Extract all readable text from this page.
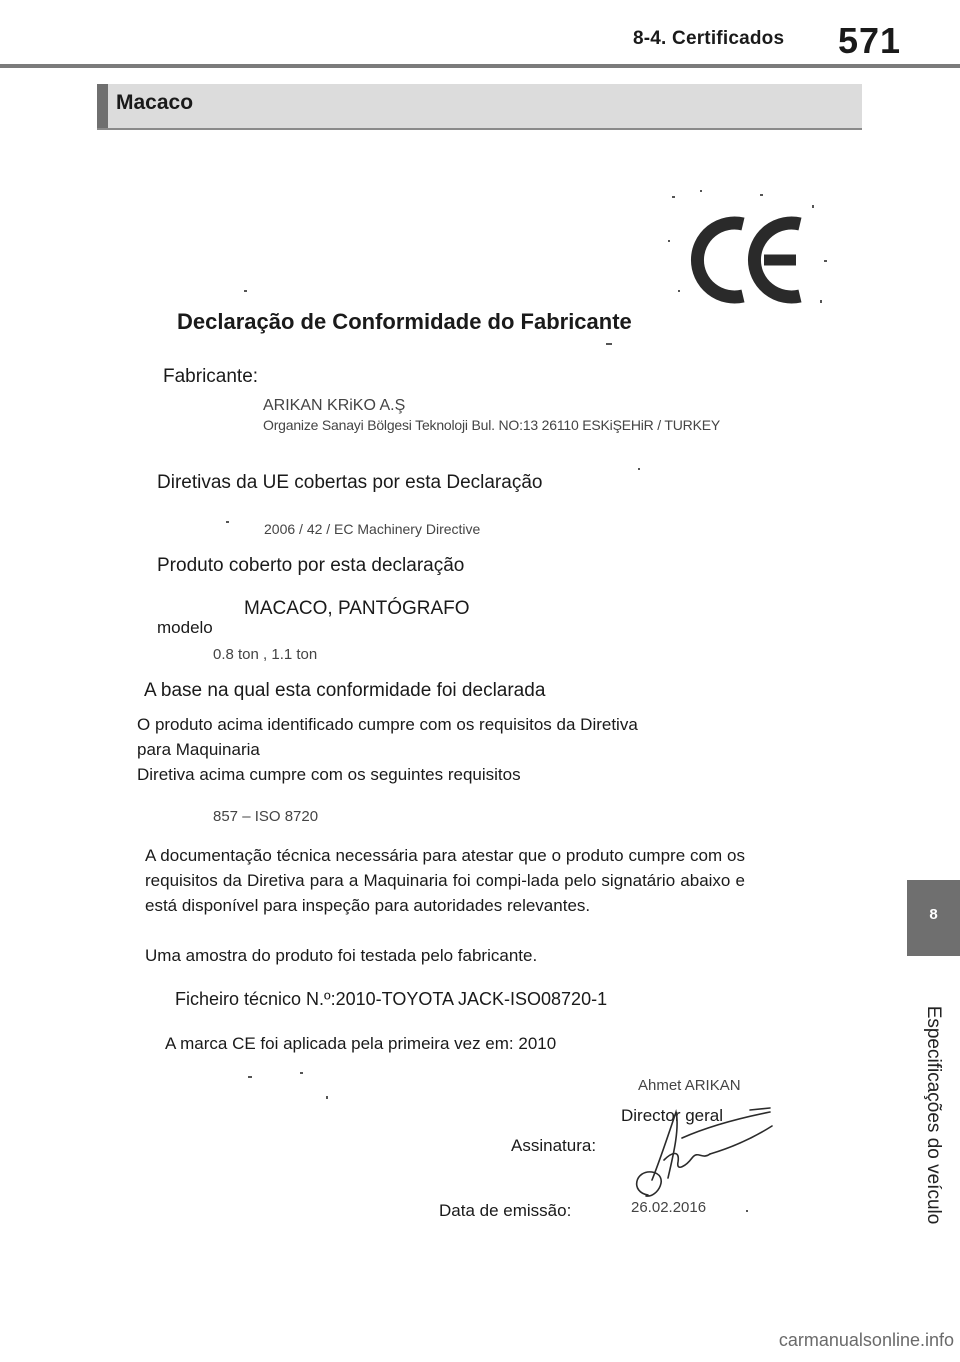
8-4. Certificados 571
Macaco
Declaração de Conformidade do Fabricante
Fabricante:
ARIKAN KRiKO A.Ş
Organize Sanayi Bölgesi Teknoloji Bul. NO:13 26110 ESKiŞEHiR / TURKEY
Diretivas da UE cobertas por esta Declaração
2006 / 42 / EC Machinery Directive
Produto coberto por esta declaração
MACACO, PANTÓGRAFO
modelo
0.8 ton , 1.1 ton
A base na qual esta conformidade foi declarada
O produto acima identificado cumpre com os requisitos da Diretiva
para Maquinaria
Diretiva acima cumpre com os seguintes requisitos
857 – ISO 8720
A documentação técnica necessária para atestar que o produto cumpre com os requisitos da Diretiva para a Maquinaria foi compi-lada pelo signatário abaixo e está disponível para inspeção para autoridades relevantes.
Uma amostra do produto foi testada pelo fabricante.
Ficheiro técnico N.º:2010-TOYOTA JACK-ISO08720-1
A marca CE foi aplicada pela primeira vez em: 2010
Ahmet ARIKAN
Director geral
Assinatura:
Data de emissão:	26.02.2016
8
Especificações do veículo
carmanualsonline.info
